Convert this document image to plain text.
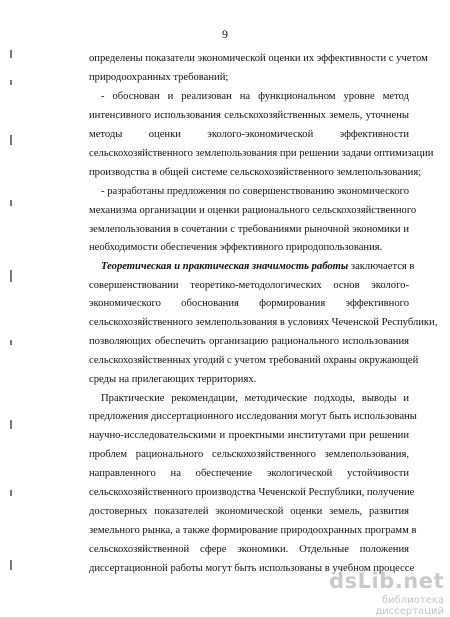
9
определены показатели экономической оценки их эффективности с учетом
природоохранных требований;
- обоснован и реализован на функциональном уровне метод
интенсивного использования сельскохозяйственных земель, уточнены
методы оценки эколого-экономической эффективности
сельскохозяйственного землепользования при решении задачи оптимизации
производства в общей системе сельскохозяйственного землепользования;
- разработаны предложения по совершенствованию экономического
механизма организации и оценки рационального сельскохозяйственного
землепользования в сочетании с требованиями рыночной экономики и
необходимости обеспечения эффективного природопользования.
Теоретическая и практическая значимость работы заключается в
совершенствовании теоретико-методологических основ эколого-
экономического обоснования формирования эффективного
сельскохозяйственного землепользования в условиях Чеченской Республики,
позволяющих обеспечить организацию рационального использования
сельскохозяйственных угодий с учетом требований охраны окружающей
среды на прилегающих территориях.
Практические рекомендации, методические подходы, выводы и
предложения диссертационного исследования могут быть использованы
научно-исследовательскими и проектными институтами при решении
проблем рационального сельскохозяйственного землепользования,
направленного на обеспечение экологической устойчивости
сельскохозяйственного производства Чеченской Республики, получение
достоверных показателей экономической оценки земель, развития
земельного рынка, а также формирование природоохранных программ в
сельскохозяйственной сфере экономики. Отдельные положения
диссертационной работы могут быть использованы в учебном процессе
dsLib.net
библиотека диссертаций
